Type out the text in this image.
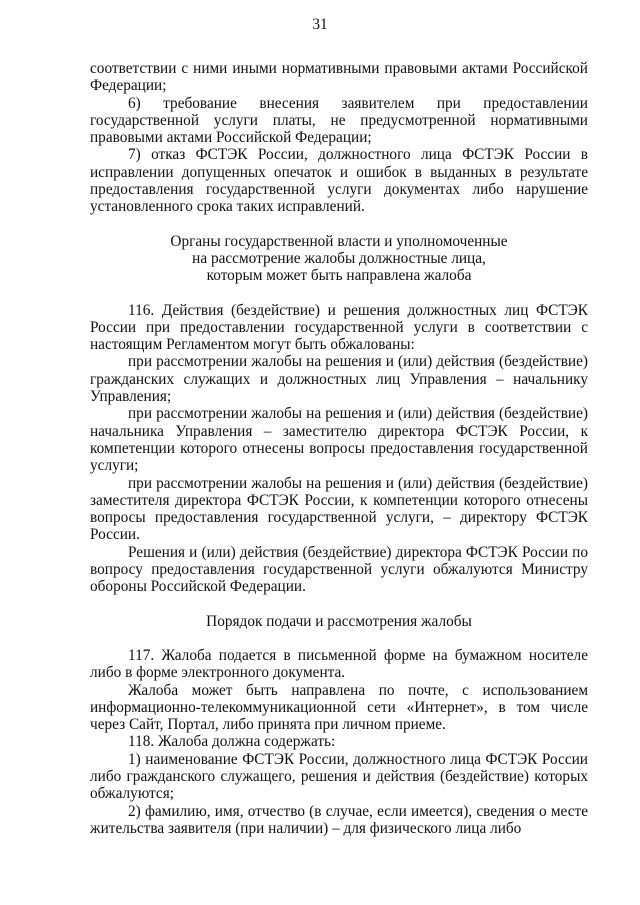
31

соответствии с ними иными нормативными правовыми актами Российской Федерации;

6) требование внесения заявителем при предоставлении государственной услуги платы, не предусмотренной нормативными правовыми актами Российской Федерации;

7) отказ ФСТЭК России, должностного лица ФСТЭК России в исправлении допущенных опечаток и ошибок в выданных в результате предоставления государственной услуги документах либо нарушение установленного срока таких исправлений.

Органы государственной власти и уполномоченные

на рассмотрение жалобы должностные лица,

которым может быть направлена жалоба

116. Действия (бездействие) и решения должностных лиц ФСТЭК России при предоставлении государственной услуги в соответствии с настоящим Регламентом могут быть обжалованы:

при рассмотрении жалобы на решения и (или) действия (бездействие) гражданских служащих и должностных лиц Управления – начальнику Управления;

при рассмотрении жалобы на решения и (или) действия (бездействие) начальника Управления – заместителю директора ФСТЭК России, к компетенции которого отнесены вопросы предоставления государственной услуги;

при рассмотрении жалобы на решения и (или) действия (бездействие) заместителя директора ФСТЭК России, к компетенции которого отнесены вопросы предоставления государственной услуги, – директору ФСТЭК России.

Решения и (или) действия (бездействие) директора ФСТЭК России по вопросу предоставления государственной услуги обжалуются Министру обороны Российской Федерации.

Порядок подачи и рассмотрения жалобы

117. Жалоба подается в письменной форме на бумажном носителе либо в форме электронного документа.

Жалоба может быть направлена по почте, с использованием информационно-телекоммуникационной сети «Интернет», в том числе через Сайт, Портал, либо принята при личном приеме.

118. Жалоба должна содержать:

1) наименование ФСТЭК России, должностного лица ФСТЭК России либо гражданского служащего, решения и действия (бездействие) которых обжалуются;

2) фамилию, имя, отчество (в случае, если имеется), сведения о месте жительства заявителя (при наличии) – для физического лица либо
